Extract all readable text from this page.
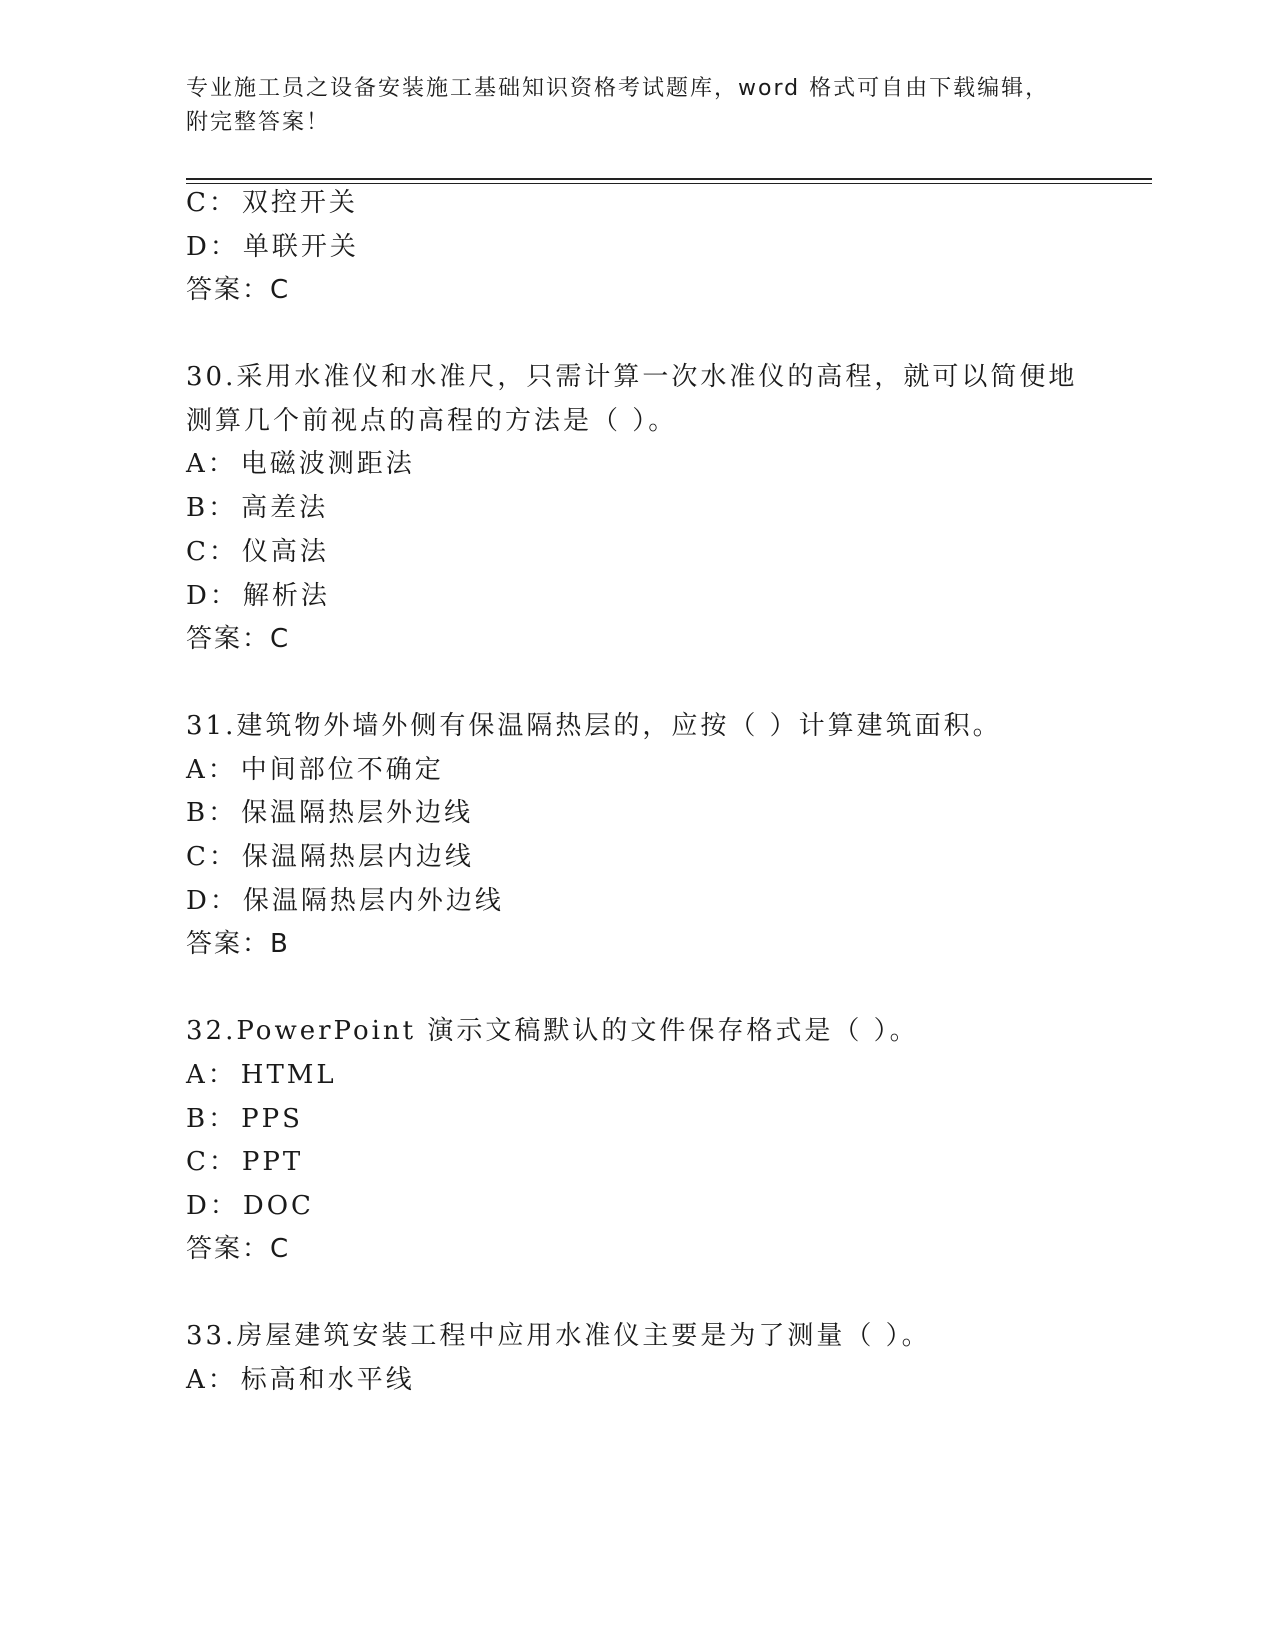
专业施工员之设备安装施工基础知识资格考试题库，word 格式可自由下载编辑，
附完整答案！
C： 双控开关
D： 单联开关
答案：C
30.采用水准仪和水准尺，只需计算一次水准仪的高程，就可以简便地
测算几个前视点的高程的方法是（ ）。
A： 电磁波测距法
B： 高差法
C： 仪高法
D： 解析法
答案：C
31.建筑物外墙外侧有保温隔热层的，应按（ ）计算建筑面积。
A： 中间部位不确定
B： 保温隔热层外边线
C： 保温隔热层内边线
D： 保温隔热层内外边线
答案：B
32.PowerPoint 演示文稿默认的文件保存格式是（ ）。
A： HTML
B： PPS
C： PPT
D： DOC
答案：C
33.房屋建筑安装工程中应用水准仪主要是为了测量（ ）。
A： 标高和水平线
